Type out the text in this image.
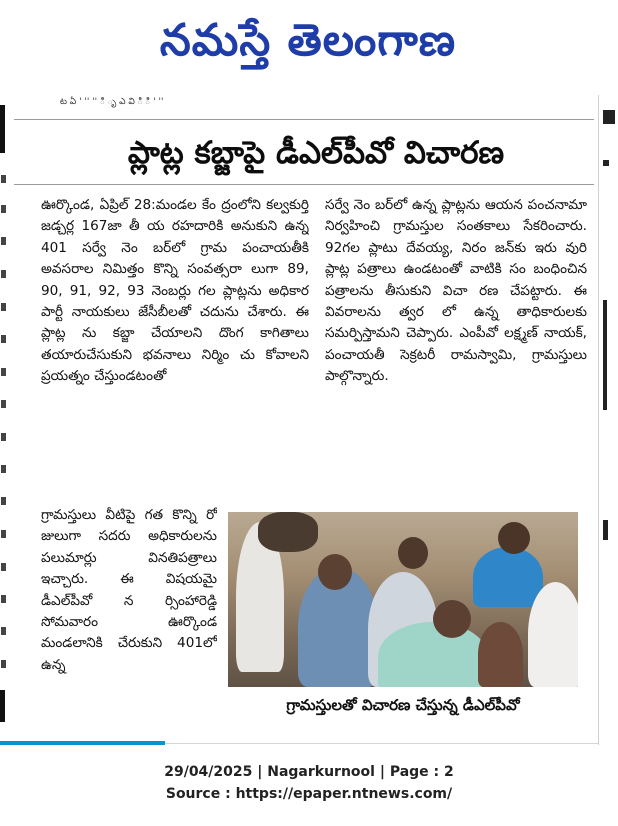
నమస్తే తెలంగాణ
ట ఏ ' '' '' ి ృ ఎ వి ి ి ' ''
ప్లాట్ల కబ్జాపై డీఎల్‌పీవో విచారణ
ఊర్కొండ, ఏప్రిల్ 28:మండల కేం ద్రంలోని కల్వకుర్తి జడ్చర్ల 167జా తీ య రహదారికి అనుకుని ఉన్న 401 సర్వే నెం బర్‌లో గ్రామ పంచాయతీకి అవసరాల నిమిత్తం కొన్ని సంవత్సరా లుగా 89, 90, 91, 92, 93 నెంబర్లు గల ప్లాట్లను అధికార పార్టీ నాయకులు జేసీబీలతో చదును చేశారు. ఈ ప్లాట్ల ను కబ్జా చేయాలని దొంగ కాగితాలు తయారుచేసుకుని భవనాలు నిర్మిం చు కోవాలని ప్రయత్నం చేస్తుండటంతో
గ్రామస్తులు వీటిపై గత కొన్ని రో జులుగా సదరు అధికారులను పలుమార్లు వినతిపత్రాలు ఇచ్చారు. ఈ విషయమై డీఎల్‌పీవో న ర్సింహారెడ్డి సోమవారం ఊర్కొండ మండలానికి చేరుకుని 401లో ఉన్న
సర్వే నెం బర్‌లో ఉన్న ప్లాట్లను ఆయన పంచనామా నిర్వహించి గ్రామస్తుల సంతకాలు సేకరించారు. 92గల ప్లాటు దేవయ్య, నిరం జన్‌కు ఇరు వురి ప్లాట్ల పత్రాలు ఉండటంతో వాటికి సం బంధించిన పత్రాలను తీసుకుని విచా రణ చేపట్టారు. ఈ వివరాలను త్వర లో ఉన్న తాధికారులకు సమర్పిస్తామని చెప్పారు. ఎంపీవో లక్ష్మణ్ నాయక్, పంచాయతీ సెక్రటరీ రామస్వామి, గ్రామస్తులు పాల్గొన్నారు.
గ్రామస్తులతో విచారణ చేస్తున్న డీఎల్‌పీవో
29/04/2025 | Nagarkurnool | Page : 2
Source : https://epaper.ntnews.com/
